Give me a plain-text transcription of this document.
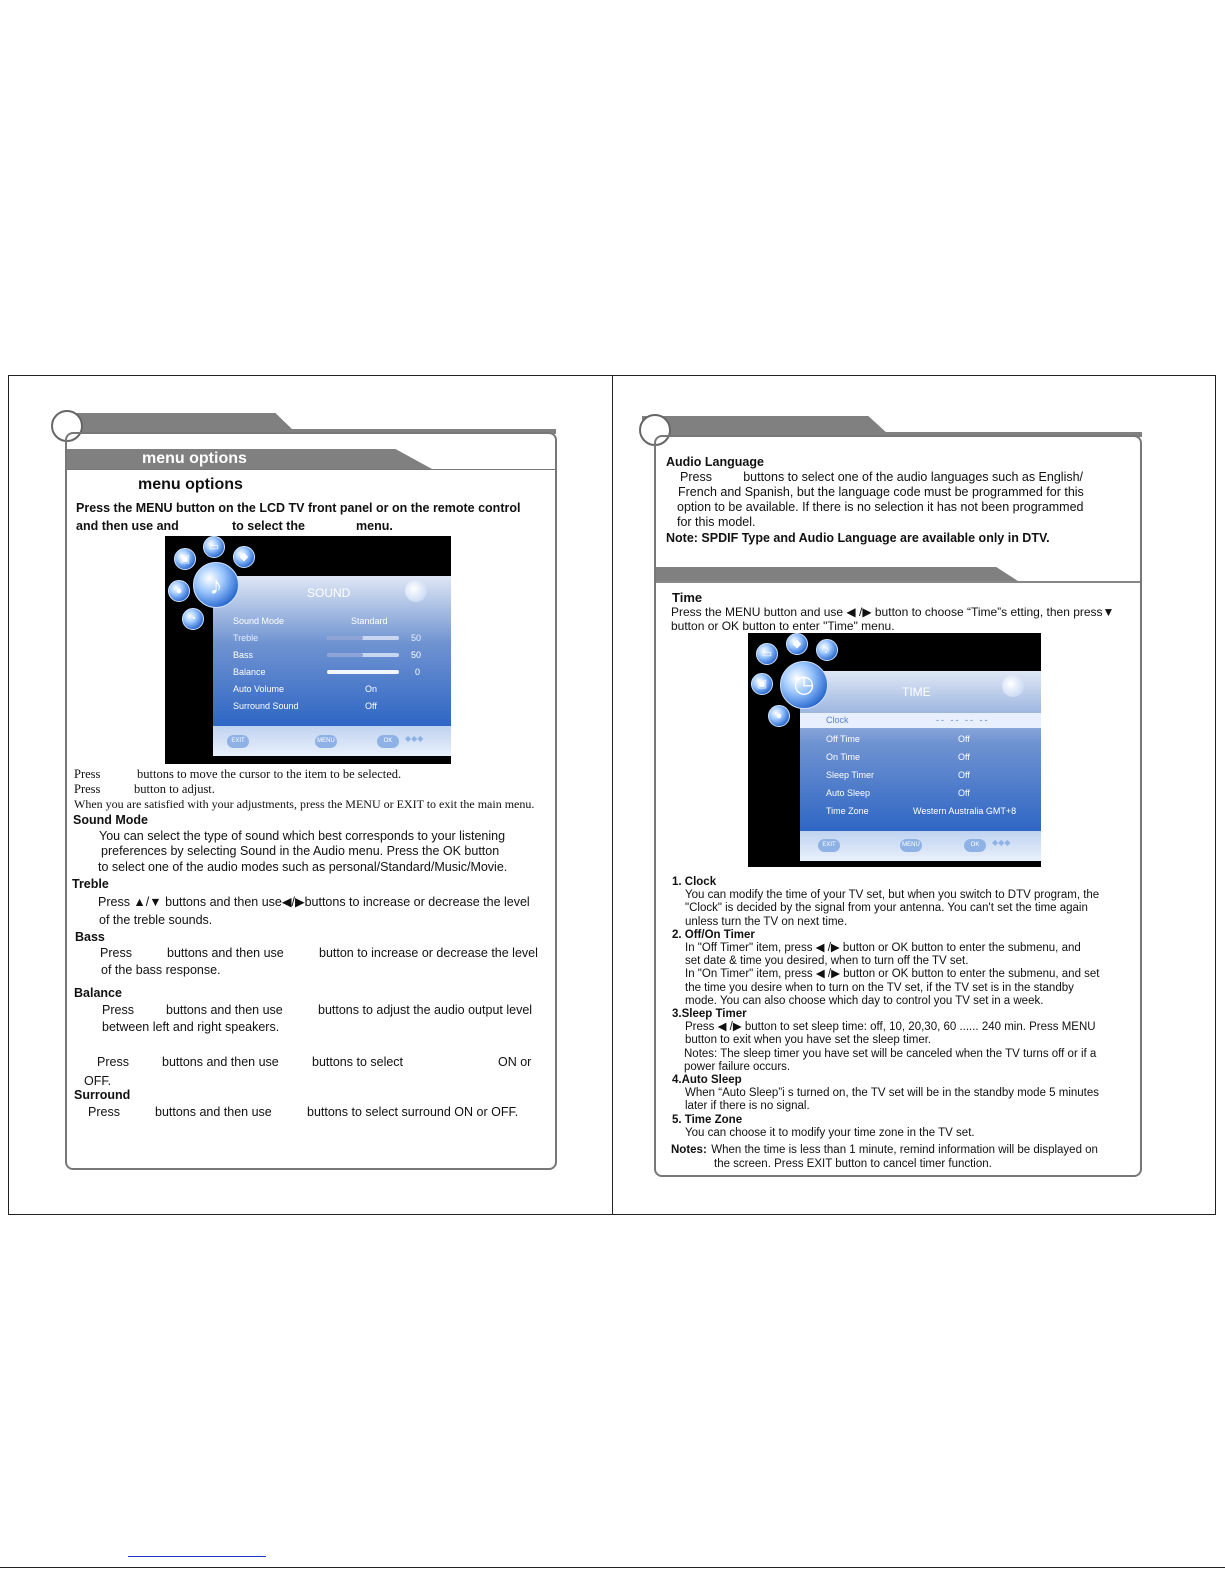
menu options
menu options
Press the MENU button on the LCD TV front panel or on the remote control
and then use and	to select the	menu.
♪
▣
▭
◆
●
◔
SOUND
Sound Mode	Standard
Treble	50
Bass	50
Balance	0
Auto Volume	On
Surround Sound	Off
EXIT	MENU	OK	◆◆◆
Press	buttons to move the cursor to the item to be selected.
Press	button to adjust.
When you are satisfied with your adjustments, press the MENU or EXIT to exit the main menu.
Sound Mode
You can select the type of sound which best corresponds to your listening
preferences by selecting Sound in the Audio menu. Press the OK button
to select one of the audio modes such as personal/Standard/Music/Movie.
Treble
Press ▲/▼ buttons and then use◀/▶buttons to increase or decrease the level
of the treble sounds.
Bass
Press	buttons and then use	button to increase or decrease the level
of the bass response.
Balance
Press	buttons and then use	buttons to adjust the audio output level
between left and right speakers.
Press	buttons and then use	buttons to select	ON or
OFF.
Surround
Press	buttons and then use	buttons to select surround ON or OFF.
Audio Language
Press         buttons to select one of the audio languages such as English/
French and Spanish, but the language code must be programmed for this
option to be available. If there is no selection it has not been programmed
for this model.
Note: SPDIF Type and Audio Language are available only in DTV.
Time
Press the MENU button and use ◀ /▶ button to choose “Time”s etting, then press▼
button or OK button to enter "Time" menu.
◷
▭
◆	♪
▣
●
TIME
Clock	-- -- -- --
Off Time	Off
On Time	Off
Sleep Timer	Off
Auto Sleep	Off
Time Zone	Western Australia GMT+8
EXIT	MENU	OK	◆◆◆
1. Clock
You can modify the time of your TV set, but when you switch to DTV program, the
"Clock" is decided by the signal from your antenna. You can't set the time again
unless turn the TV on next time.
2. Off/On Timer
In "Off Timer" item, press ◀ /▶ button or OK button to enter the submenu, and
set date & time you desired, when to turn off the TV set.
In "On Timer" item, press ◀ /▶ button or OK button to enter the submenu, and set
the time you desire when to turn on the TV set, if the TV set is in the standby
mode. You can also choose which day to control you TV set in a week.
3.Sleep Timer
Press ◀ /▶ button to set sleep time: off, 10, 20,30, 60 ...... 240 min. Press MENU
button to exit when you have set the sleep timer.
Notes: The sleep timer you have set will be canceled when the TV turns off or if a
power failure occurs.
4.Auto Sleep
When “Auto Sleep”i s turned on, the TV set will be in the standby mode 5 minutes
later if there is no signal.
5. Time Zone
You can choose it to modify your time zone in the TV set.
Notes: When the time is less than 1 minute, remind information will be displayed on
the screen. Press EXIT button to cancel timer function.
